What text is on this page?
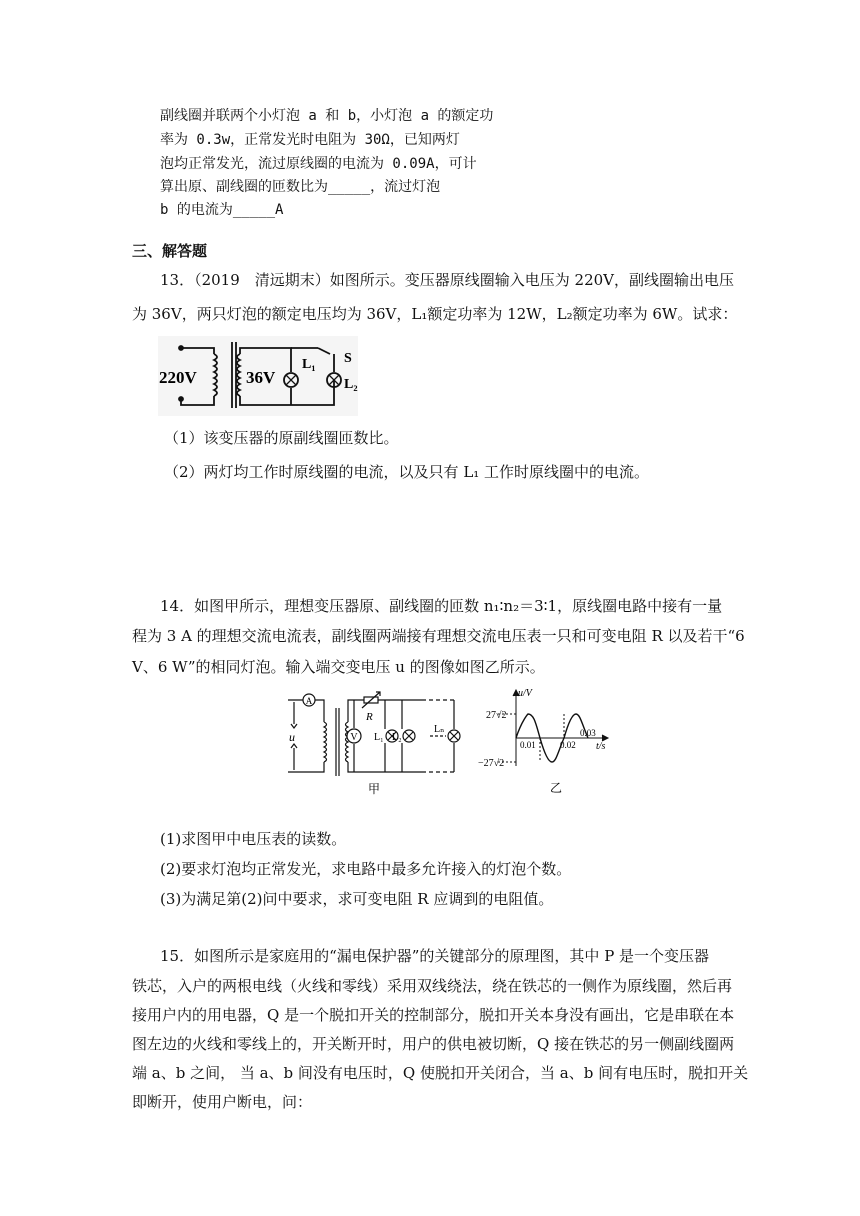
副线圈并联两个小灯泡 a 和 b，小灯泡 a 的额定功
率为 0.3w，正常发光时电阻为 30Ω，已知两灯
泡均正常发光，流过原线圈的电流为 0.09A，可计
算出原、副线圈的匝数比为_____，流过灯泡
b 的电流为_____A
三、解答题
13．（2019　清远期末）如图所示。变压器原线圈输入电压为 220V，副线圈输出电压
为 36V，两只灯泡的额定电压均为 36V，L₁额定功率为 12W，L₂额定功率为 6W。试求：
220V	36V
L₁
L₂
S
（1）该变压器的原副线圈匝数比。
（2）两灯均工作时原线圈的电流，以及只有 L₁ 工作时原线圈中的电流。
14．如图甲所示，理想变压器原、副线圈的匝数 n₁∶n₂＝3∶1，原线圈电路中接有一量
程为 3 A 的理想交流电流表，副线圈两端接有理想交流电压表一只和可变电阻 R 以及若干“6
V、6 W”的相同灯泡。输入端交变电压 u 的图像如图乙所示。
A
V
u
R
L₁ L₂
Lₙ
甲
u/V
t/s
27√2
−27√2
0.01	0.02
0.03
乙
(1)求图甲中电压表的读数。
(2)要求灯泡均正常发光，求电路中最多允许接入的灯泡个数。
(3)为满足第(2)问中要求，求可变电阻 R 应调到的电阻值。
15．如图所示是家庭用的“漏电保护器”的关键部分的原理图，其中 P 是一个变压器
铁芯，入户的两根电线（火线和零线）采用双线绕法，绕在铁芯的一侧作为原线圈，然后再
接用户内的用电器，Q 是一个脱扣开关的控制部分，脱扣开关本身没有画出，它是串联在本
图左边的火线和零线上的，开关断开时，用户的供电被切断，Q 接在铁芯的另一侧副线圈两
端 a、b 之间， 当 a、b 间没有电压时，Q 使脱扣开关闭合，当 a、b 间有电压时，脱扣开关
即断开，使用户断电，问：
